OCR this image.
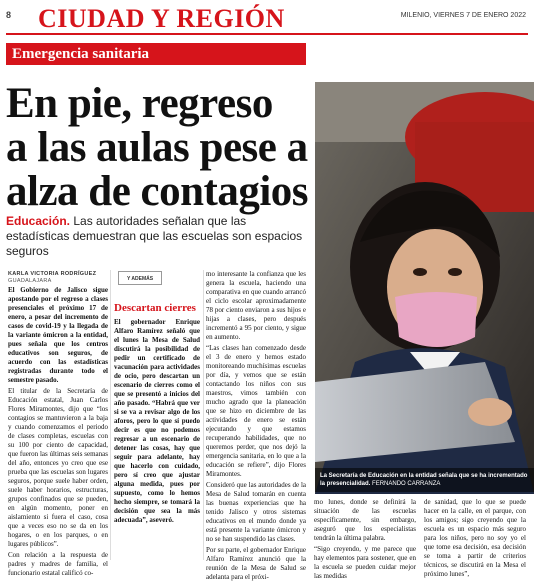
8 CIUDAD Y REGIÓN	MILENIO, VIERNES 7 DE ENERO 2022
Emergencia sanitaria
En pie, regreso
a las aulas pese a
alza de contagios
Educación. Las autoridades señalan que las estadísticas demuestran que las escuelas son espacios seguros
La Secretaría de Educación en la entidad señala que se ha incrementado la presencialidad. FERNANDO CARRANZA
KARLA VICTORIA RODRÍGUEZ
GUADALAJARA

El Gobierno de Jalisco sigue apostando por el regreso a clases presenciales el próximo 17 de enero, a pesar del incremento de casos de covid-19 y la llegada de la variante ómicron a la entidad, pues señala que los centros educativos son seguros, de acuerdo con las estadísticas registradas durante todo el semestre pasado.

El titular de la Secretaría de Educación estatal, Juan Carlos Flores Miramontes, dijo que “los contagios se mantuvieron a la baja y cuando comenzamos el periodo de clases completas, escuelas con su 100 por ciento de capacidad, que fueron las últimas seis semanas del año, entonces yo creo que ese prueba que las escuelas son lugares seguros, porque suele haber orden, suele haber horarios, estructuras, grupos confinados que se pueden, en algún momento, poner en aislamiento si fuera el caso, cosa que a veces eso no se da en los hogares, o en los parques, o en lugares públicos”.

Con relación a la respuesta de padres y madres de familia, el funcionario estatal calificó co-

Y ADEMÁS
Descartan cierres

El gobernador Enrique Alfaro Ramírez señaló que el lunes la Mesa de Salud discutirá la posibilidad de pedir un certificado de vacunación para actividades de ocio, pero descartan un escenario de cierres como el que se presentó a inicios del año pasado. “Habrá que ver si se va a revisar algo de los aforos, pero lo que sí puedo decir es que no podemos regresar a un escenario de detener las cosas, hay que seguir para adelante, hay que hacerlo con cuidado, pero sí creo que ajustar alguna medida, pues por supuesto, como lo hemos hecho siempre, se tomará la decisión que sea la más adecuada”, aseveró.

mo interesante la confianza que les genera la escuela, haciendo una comparativa en que cuando arrancó el ciclo escolar aproximadamente 78 por ciento enviaron a sus hijos e hijas a clases, pero después incrementó a 95 por ciento, y sigue en aumento.

“Las clases han comenzado desde el 3 de enero y hemos estado monitoreando muchísimas escuelas por día, y vemos que se están contactando los niños con sus maestros, vimos también con mucho agrado que la planeación que se hizo en diciembre de las actividades de enero se están ejecutando y que estamos recuperando habilidades, que no queremos perder, que nos dejó la emergencia sanitaria, en lo que a la educación se refiere”, dijo Flores Miramontes.

Consideró que las autoridades de la Mesa de Salud tomarán en cuenta las buenas experiencias que ha tenido Jalisco y otros sistemas educativos en el mundo donde ya está presente la variante ómicron y no se han suspendido las clases.

Por su parte, el gobernador Enrique Alfaro Ramírez anunció que la reunión de la Mesa de Salud se adelanta para el próxi-

mo lunes, donde se definirá la situación de las escuelas específicamente, sin embargo, aseguró que los especialistas tendrán la última palabra.

“Sigo creyendo, y me parece que hay elementos para sostener, que en la escuela se pueden cuidar mejor las medidas

de sanidad, que lo que se puede hacer en la calle, en el parque, con los amigos; sigo creyendo que la escuela es un espacio más seguro para los niños, pero no soy yo el que tome esa decisión, esa decisión se toma a partir de criterios técnicos, se discutirá en la Mesa el próximo lunes”,
